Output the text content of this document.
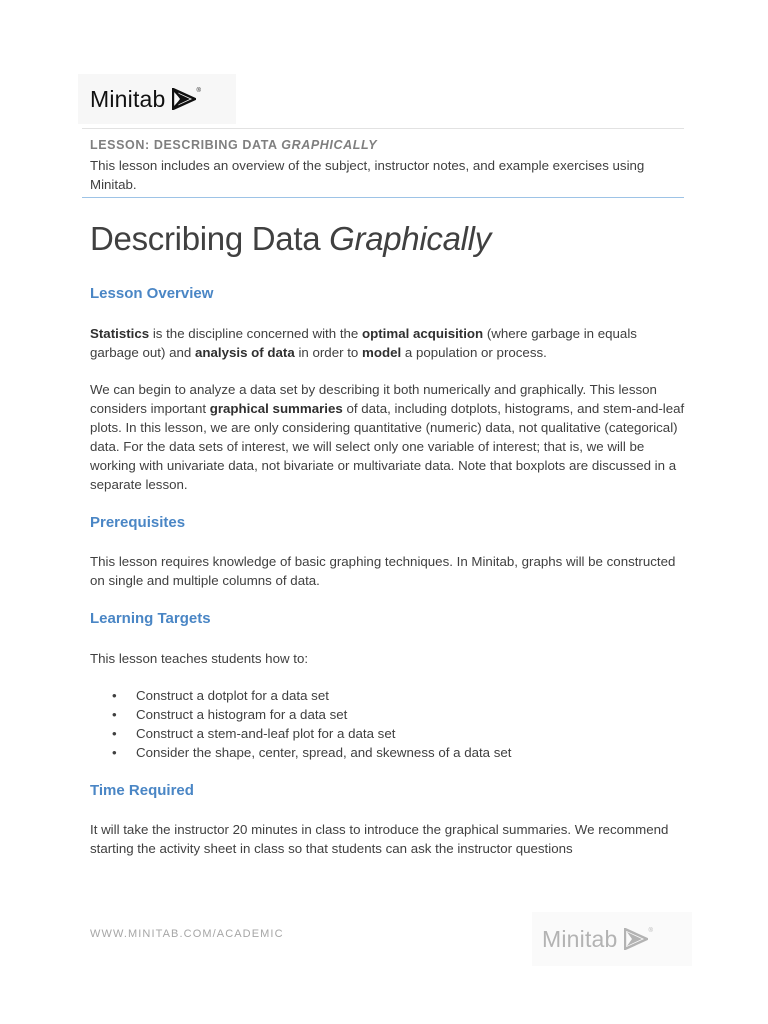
Minitab	®
LESSON: DESCRIBING DATA GRAPHICALLY
This lesson includes an overview of the subject, instructor notes, and example exercises using Minitab.
Describing Data Graphically
Lesson Overview
Statistics is the discipline concerned with the optimal acquisition (where garbage in equals garbage out) and analysis of data in order to model a population or process.
We can begin to analyze a data set by describing it both numerically and graphically. This lesson considers important graphical summaries of data, including dotplots, histograms, and stem-and-leaf plots. In this lesson, we are only considering quantitative (numeric) data, not qualitative (categorical) data. For the data sets of interest, we will select only one variable of interest; that is, we will be working with univariate data, not bivariate or multivariate data. Note that boxplots are discussed in a separate lesson.
Prerequisites
This lesson requires knowledge of basic graphing techniques. In Minitab, graphs will be constructed on single and multiple columns of data.
Learning Targets
This lesson teaches students how to:
• Construct a dotplot for a data set
• Construct a histogram for a data set
• Construct a stem-and-leaf plot for a data set
• Consider the shape, center, spread, and skewness of a data set
Time Required
It will take the instructor 20 minutes in class to introduce the graphical summaries. We recommend starting the activity sheet in class so that students can ask the instructor questions
WWW.MINITAB.COM/ACADEMIC	Minitab	®
